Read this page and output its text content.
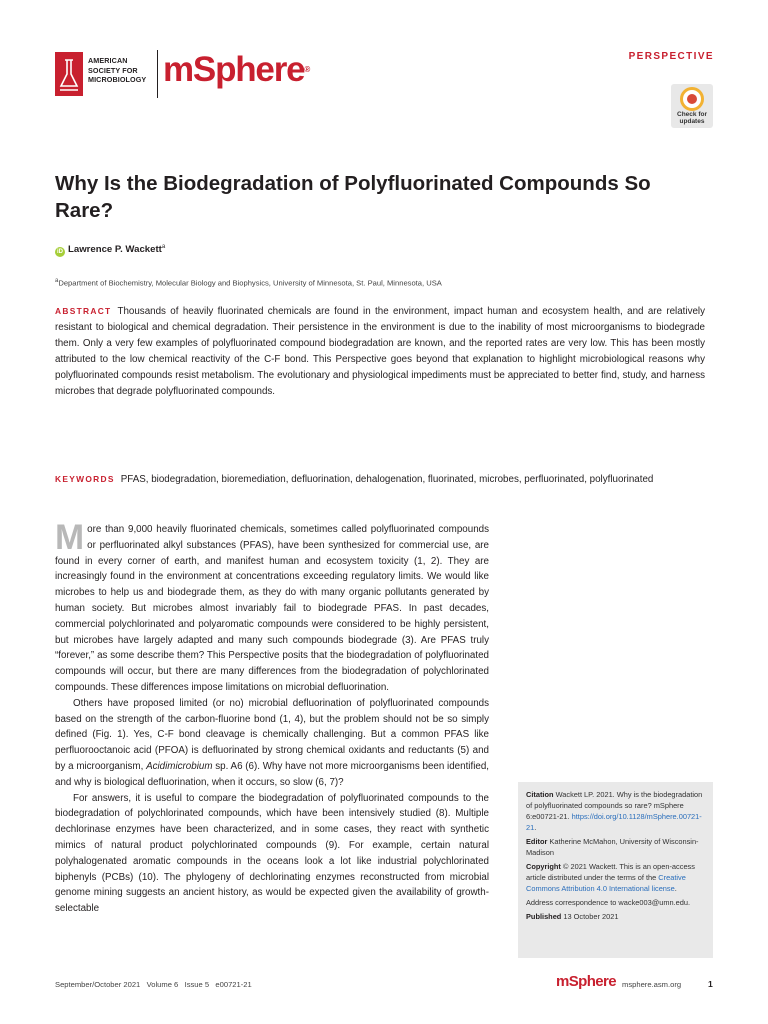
AMERICAN
SOCIETY FOR
MICROBIOLOGY mSphere®
PERSPECTIVE
Check for
updates
Why Is the Biodegradation of Polyfluorinated Compounds So Rare?
iD Lawrence P. Wackett$^a$
$^a$Department of Biochemistry, Molecular Biology and Biophysics, University of Minnesota, St. Paul, Minnesota, USA
ABSTRACT Thousands of heavily fluorinated chemicals are found in the environment, impact human and ecosystem health, and are relatively resistant to biological and chemical degradation. Their persistence in the environment is due to the inability of most microorganisms to biodegrade them. Only a very few examples of polyfluorinated compound biodegradation are known, and the reported rates are very low. This has been mostly attributed to the low chemical reactivity of the C-F bond. This Perspective goes beyond that explanation to highlight microbiological reasons why polyfluorinated compounds resist metabolism. The evolutionary and physiological impediments must be appreciated to better find, study, and harness microbes that degrade polyfluorinated compounds.
KEYWORDS PFAS, biodegradation, bioremediation, defluorination, dehalogenation, fluorinated, microbes, perfluorinated, polyfluorinated

More than 9,000 heavily fluorinated chemicals, sometimes called polyfluorinated compounds or perfluorinated alkyl substances (PFAS), have been synthesized for commercial use, are found in every corner of earth, and manifest human and ecosystem toxicity (1, 2). They are increasingly found in the environment at concentrations exceeding regulatory limits. We would like microbes to help us and biodegrade them, as they do with many organic pollutants generated by human society. But microbes almost invariably fail to biodegrade PFAS. In past decades, commercial polychlorinated and polyaromatic compounds were considered to be highly persistent, but microbes have largely adapted and many such compounds biodegrade (3). Are PFAS truly “forever,” as some describe them? This Perspective posits that the biodegradation of polyfluorinated compounds will occur, but there are many differences from the biodegradation of polychlorinated compounds. These differences impose limitations on microbial defluorination.

Others have proposed limited (or no) microbial defluorination of polyfluorinated compounds based on the strength of the carbon-fluorine bond (1, 4), but the problem should not be so simply defined (Fig. 1). Yes, C-F bond cleavage is chemically challenging. But a common PFAS like perfluorooctanoic acid (PFOA) is defluorinated by strong chemical oxidants and reductants (5) and by a microorganism, Acidimicrobium sp. A6 (6). Why have not more microorganisms been identified, and why is biological defluorination, when it occurs, so slow (6, 7)?

For answers, it is useful to compare the biodegradation of polyfluorinated compounds to the biodegradation of polychlorinated compounds, which have been intensively studied (8). Multiple dechlorinase enzymes have been characterized, and in some cases, they react with synthetic mimics of natural product polychlorinated compounds (9). For example, certain natural polyhalogenated aromatic compounds in the oceans look a lot like industrial polychlorinated biphenyls (PCBs) (10). The phylogeny of dechlorinating enzymes reconstructed from microbial genome mining suggests an ancient history, as would be expected given the availability of growth-selectable

Citation Wackett LP. 2021. Why is the biodegradation of polyfluorinated compounds so rare? mSphere 6:e00721-21. https://doi.org/10.1128/mSphere.00721-21.
Editor Katherine McMahon, University of Wisconsin-Madison
Copyright © 2021 Wackett. This is an open-access article distributed under the terms of the Creative Commons Attribution 4.0 International license.
Address correspondence to wacke003@umn.edu.
Published 13 October 2021
September/October 2021   Volume 6   Issue 5   e00721-21	mSphere msphere.asm.org	1
